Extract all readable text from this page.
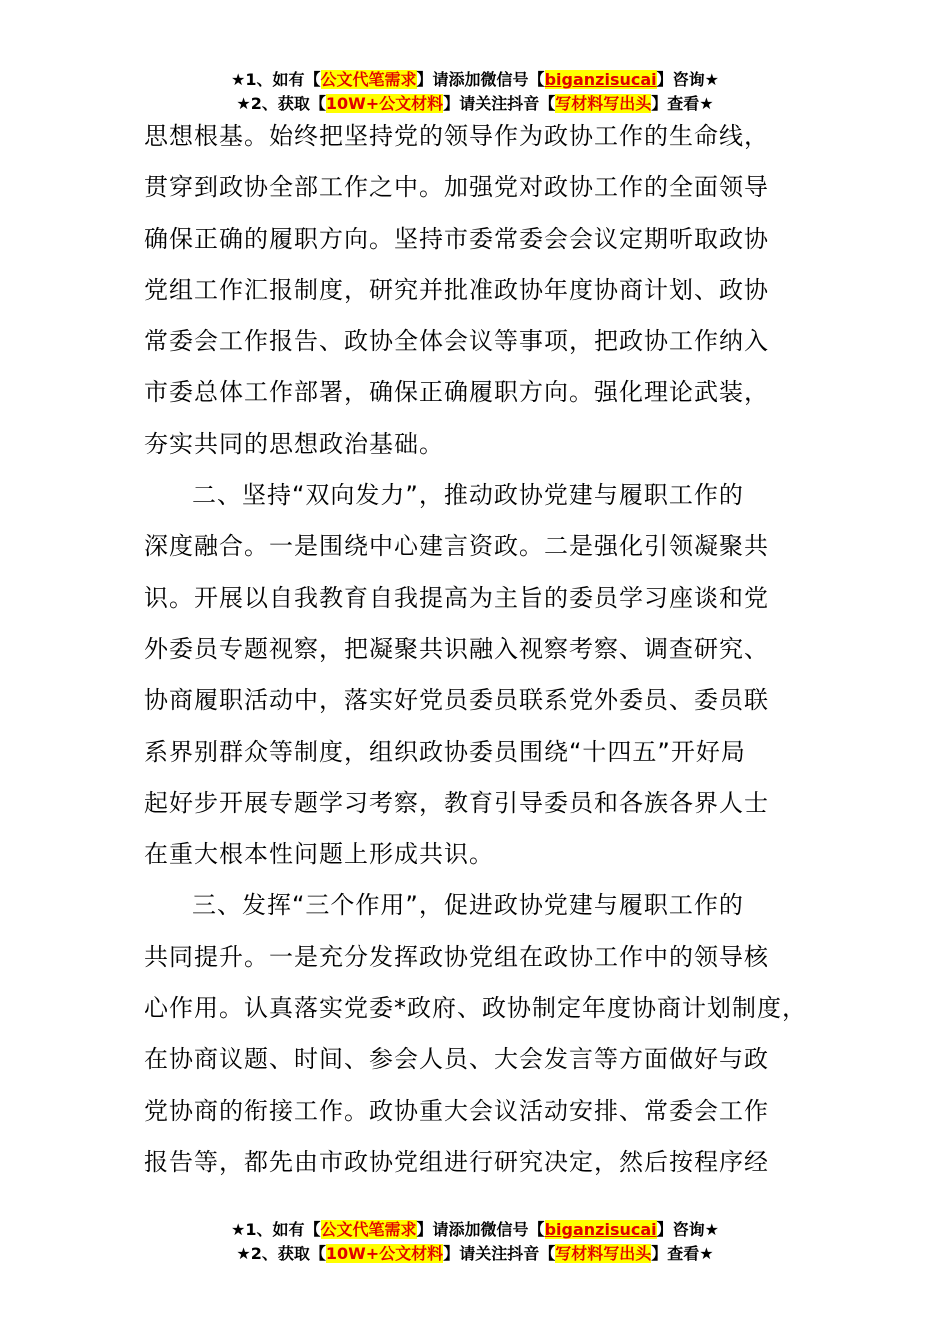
★1、如有【公文代笔需求】请添加微信号【biganzisucai】咨询★
★2、获取【10W+公文材料】请关注抖音【写材料写出头】查看★
思想根基。始终把坚持党的领导作为政协工作的生命线，
贯穿到政协全部工作之中。加强党对政协工作的全面领导
确保正确的履职方向。坚持市委常委会会议定期听取政协
党组工作汇报制度，研究并批准政协年度协商计划、政协
常委会工作报告、政协全体会议等事项，把政协工作纳入
市委总体工作部署，确保正确履职方向。强化理论武装，
夯实共同的思想政治基础。
二、坚持“双向发力”，推动政协党建与履职工作的
深度融合。一是围绕中心建言资政。二是强化引领凝聚共
识。开展以自我教育自我提高为主旨的委员学习座谈和党
外委员专题视察，把凝聚共识融入视察考察、调查研究、
协商履职活动中，落实好党员委员联系党外委员、委员联
系界别群众等制度，组织政协委员围绕“十四五”开好局
起好步开展专题学习考察，教育引导委员和各族各界人士
在重大根本性问题上形成共识。
三、发挥“三个作用”，促进政协党建与履职工作的
共同提升。一是充分发挥政协党组在政协工作中的领导核
心作用。认真落实党委*政府、政协制定年度协商计划制度，
在协商议题、时间、参会人员、大会发言等方面做好与政
党协商的衔接工作。政协重大会议活动安排、常委会工作
报告等，都先由市政协党组进行研究决定，然后按程序经
★1、如有【公文代笔需求】请添加微信号【biganzisucai】咨询★
★2、获取【10W+公文材料】请关注抖音【写材料写出头】查看★
